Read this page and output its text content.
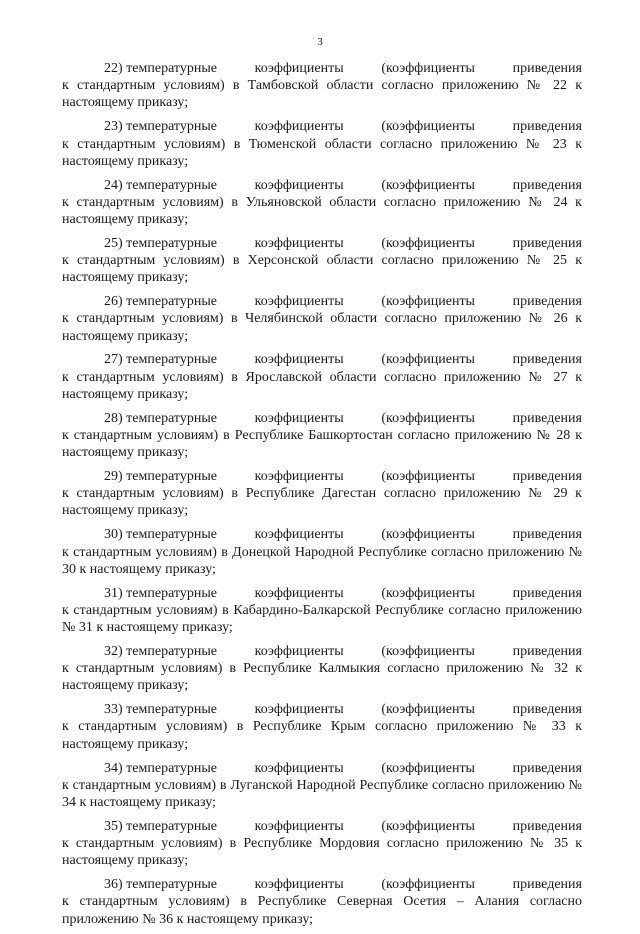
3
22) температурные	коэффициенты	(коэффициенты	приведения
к стандартным условиям) в Тамбовской области согласно приложению № 22 к настоящему приказу;
23) температурные	коэффициенты	(коэффициенты	приведения
к стандартным условиям) в Тюменской области согласно приложению № 23 к настоящему приказу;
24) температурные	коэффициенты	(коэффициенты	приведения
к стандартным условиям) в Ульяновской области согласно приложению № 24 к настоящему приказу;
25) температурные	коэффициенты	(коэффициенты	приведения
к стандартным условиям) в Херсонской области согласно приложению № 25 к настоящему приказу;
26) температурные	коэффициенты	(коэффициенты	приведения
к стандартным условиям) в Челябинской области согласно приложению № 26 к настоящему приказу;
27) температурные	коэффициенты	(коэффициенты	приведения
к стандартным условиям) в Ярославской области согласно приложению № 27 к настоящему приказу;
28) температурные	коэффициенты	(коэффициенты	приведения
к стандартным условиям) в Республике Башкортостан согласно приложению № 28 к настоящему приказу;
29) температурные	коэффициенты	(коэффициенты	приведения
к стандартным условиям) в Республике Дагестан согласно приложению № 29 к настоящему приказу;
30) температурные	коэффициенты	(коэффициенты	приведения
к стандартным условиям) в Донецкой Народной Республике согласно приложению № 30 к настоящему приказу;
31) температурные	коэффициенты	(коэффициенты	приведения
к стандартным условиям) в Кабардино-Балкарской Республике согласно приложению № 31 к настоящему приказу;
32) температурные	коэффициенты	(коэффициенты	приведения
к стандартным условиям) в Республике Калмыкия согласно приложению № 32 к настоящему приказу;
33) температурные	коэффициенты	(коэффициенты	приведения
к стандартным условиям) в Республике Крым согласно приложению № 33 к настоящему приказу;
34) температурные	коэффициенты	(коэффициенты	приведения
к стандартным условиям) в Луганской Народной Республике согласно приложению № 34 к настоящему приказу;
35) температурные	коэффициенты	(коэффициенты	приведения
к стандартным условиям) в Республике Мордовия согласно приложению № 35 к настоящему приказу;
36) температурные	коэффициенты	(коэффициенты	приведения
к стандартным условиям) в Республике Северная Осетия – Алания согласно приложению № 36 к настоящему приказу;
